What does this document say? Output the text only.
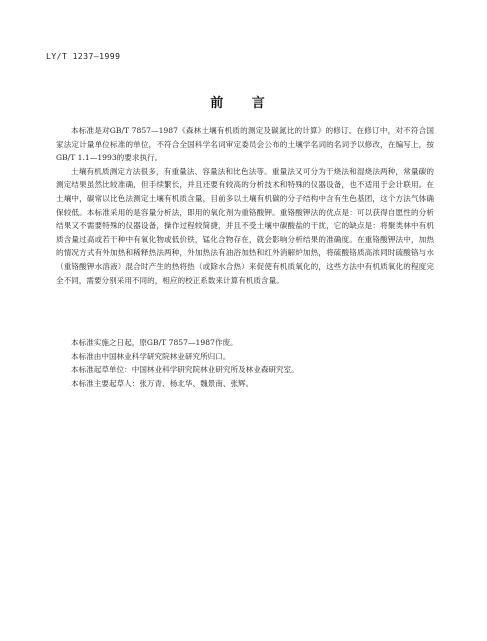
LY/T 1237—1999
前 言

本标准是对GB/T 7857—1987《森林土壤有机质的测定及碳氮比的计算》的修订。在修订中，对不符合国家法定计量单位标准的单位，不符合全国科学名词审定委员会公布的土壤学名词的名词予以修改，在编写上，按GB/T 1.1—1993的要求执行。

土壤有机质测定方法很多，有重量法、容量法和比色法等。重量法又可分为干烧法和湿烧法两种，常量碳的测定结果虽然比较准确，但手续繁长，并且还要有较高的分析技术和特殊的仪器设备，也不适用于会计联用。在土壤中，碳常以比色法测定土壤有机质含量，目前多以土壤有机碳的分子结构中含有生色基团，这个方法气体确保较低。本标准采用的是容量分析法，即用的氧化剂为重铬酸钾。重铬酸钾法的优点是：可以获得自愿性的分析结果又不需要特殊的仪器设备，操作过程较简捷，并且不受土壤中碳酸盐的干扰，它的缺点是：将聚类林中有机质含量过高或若干种中有氧化物或低价铁，锰化合物存在，就会影响分析结果的准确度。在重铬酸钾法中，加热的情况方式有外加热和稀释热法两种，外加热法有油浴加热和红外消解炉加热，将硫酸铬质高浓同时硫酸铬与水（重铬酸钾水溶液）混合时产生的热将热（或除水合热）来促使有机质氧化的，这些方法中有机质氧化的程度完全不同，需要分别采用不同的，相应的校正系数来计算有机质含量。

本标准实施之日起，原GB/T 7857—1987作废。

本标准由中国林业科学研究院林业研究所归口。

本标准起草单位：中国林业科学研究院林业研究所及林业森研究室。

本标准主要起草人：张万青、杨北华、魏景南、张辉。
